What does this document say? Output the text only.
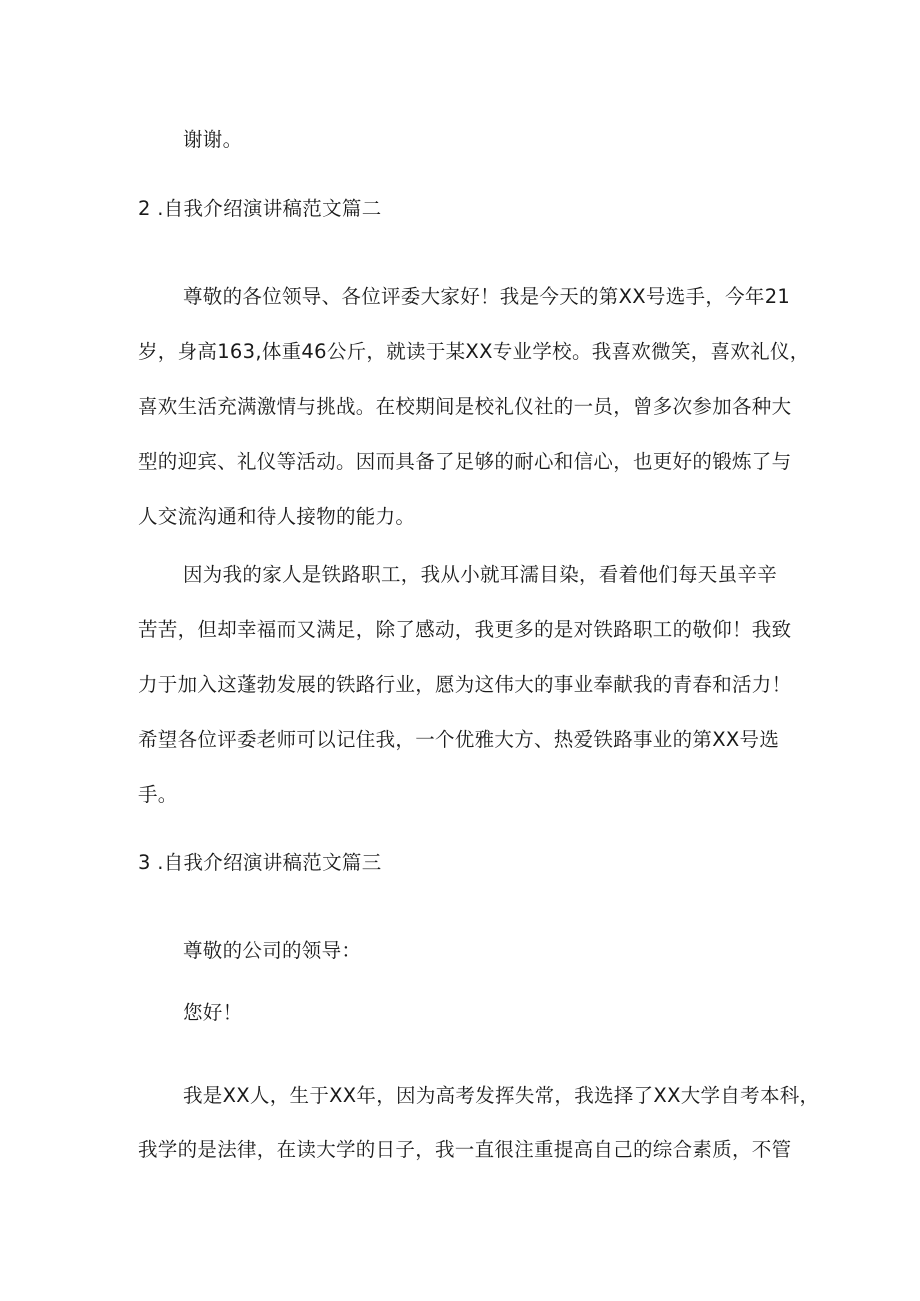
谢谢。
2 .自我介绍演讲稿范文篇二
尊敬的各位领导、各位评委大家好！我是今天的第XX号选手，今年21
岁，身高163,体重46公斤，就读于某XX专业学校。我喜欢微笑，喜欢礼仪，
喜欢生活充满激情与挑战。在校期间是校礼仪社的一员，曾多次参加各种大
型的迎宾、礼仪等活动。因而具备了足够的耐心和信心，也更好的锻炼了与
人交流沟通和待人接物的能力。
因为我的家人是铁路职工，我从小就耳濡目染，看着他们每天虽辛辛
苦苦，但却幸福而又满足，除了感动，我更多的是对铁路职工的敬仰！我致
力于加入这蓬勃发展的铁路行业，愿为这伟大的事业奉献我的青春和活力！
希望各位评委老师可以记住我，一个优雅大方、热爱铁路事业的第XX号选
手。
3 .自我介绍演讲稿范文篇三
尊敬的公司的领导：
您好！
我是XX人，生于XX年，因为高考发挥失常，我选择了XX大学自考本科，
我学的是法律，在读大学的日子，我一直很注重提高自己的综合素质，不管
